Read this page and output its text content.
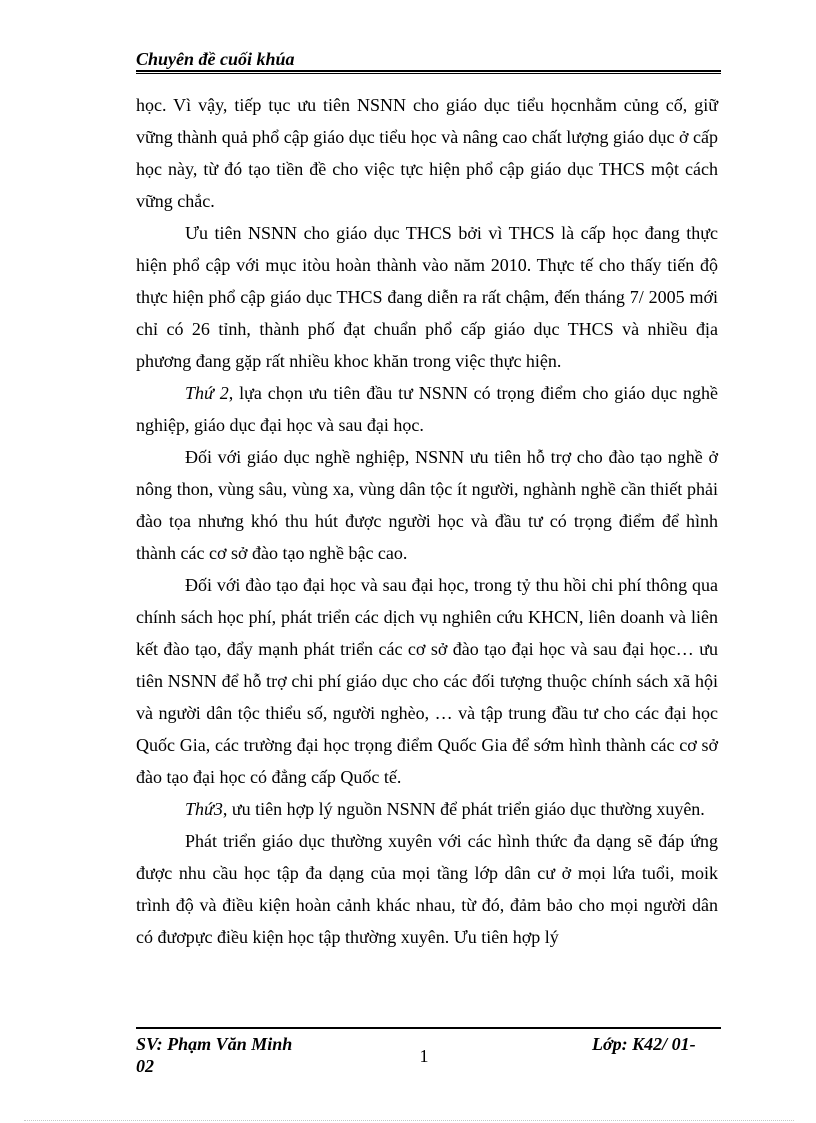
Chuyên đề cuối khúa

học. Vì vậy, tiếp tục ưu tiên NSNN cho giáo dục tiểu họcnhằm củng cố, giữ vững thành quả phổ cập giáo dục tiểu học và nâng cao chất lượng giáo dục ở cấp học này, từ đó tạo tiền đề cho việc tực hiện phổ cập giáo dục THCS một cách vững chắc.

Ưu tiên NSNN cho giáo dục THCS bởi vì THCS là cấp học đang thực hiện phổ cập với mục itòu hoàn thành vào năm 2010. Thực tế cho thấy tiến độ thực hiện phổ cập giáo dục THCS đang diễn ra rất chậm, đến tháng 7/ 2005 mới chỉ có 26 tỉnh, thành phố đạt chuẩn phổ cấp giáo dục THCS và nhiều địa phương đang gặp rất nhiều khoc khăn trong việc thực hiện.

Thứ 2, lựa chọn ưu tiên đầu tư NSNN có trọng điểm cho giáo dục nghề nghiệp, giáo dục đại học và sau đại học.

Đối với giáo dục nghề nghiệp, NSNN ưu tiên hỗ trợ cho đào tạo nghề ở nông thon, vùng sâu, vùng xa, vùng dân tộc ít người, nghành nghề cần thiết phải đào tọa nhưng khó thu hút được người học và đầu tư có trọng điểm để hình thành các cơ sở đào tạo nghề bậc cao.

Đối với đào tạo đại học và sau đại học, trong tỷ thu hồi chi phí thông qua chính sách học phí, phát triển các dịch vụ nghiên cứu KHCN, liên doanh và liên kết đào tạo, đẩy mạnh phát triển các cơ sở đào tạo đại học và sau đại học… ưu tiên NSNN để hỗ trợ chi phí giáo dục cho các đối tượng thuộc chính sách xã hội và người dân tộc thiểu số, người nghèo, … và tập trung đầu tư cho các đại học Quốc Gia, các trường đại học trọng điểm Quốc Gia để sớm hình thành các cơ sở đào tạo đại học có đẳng cấp Quốc tế.

Thứ3, ưu tiên hợp lý nguồn NSNN để phát triển giáo dục thường xuyên.

Phát triển giáo dục thường xuyên với các hình thức đa dạng sẽ đáp ứng được nhu cầu học tập đa dạng của mọi tầng lớp dân cư ở mọi lứa tuổi, moik trình độ và điều kiện hoàn cảnh khác nhau, từ đó, đảm bảo cho mọi người dân có đươpực điều kiện học tập thường xuyên. Ưu tiên hợp lý

SV: Phạm Văn Minh
02	1
Lớp: K42/ 01-
